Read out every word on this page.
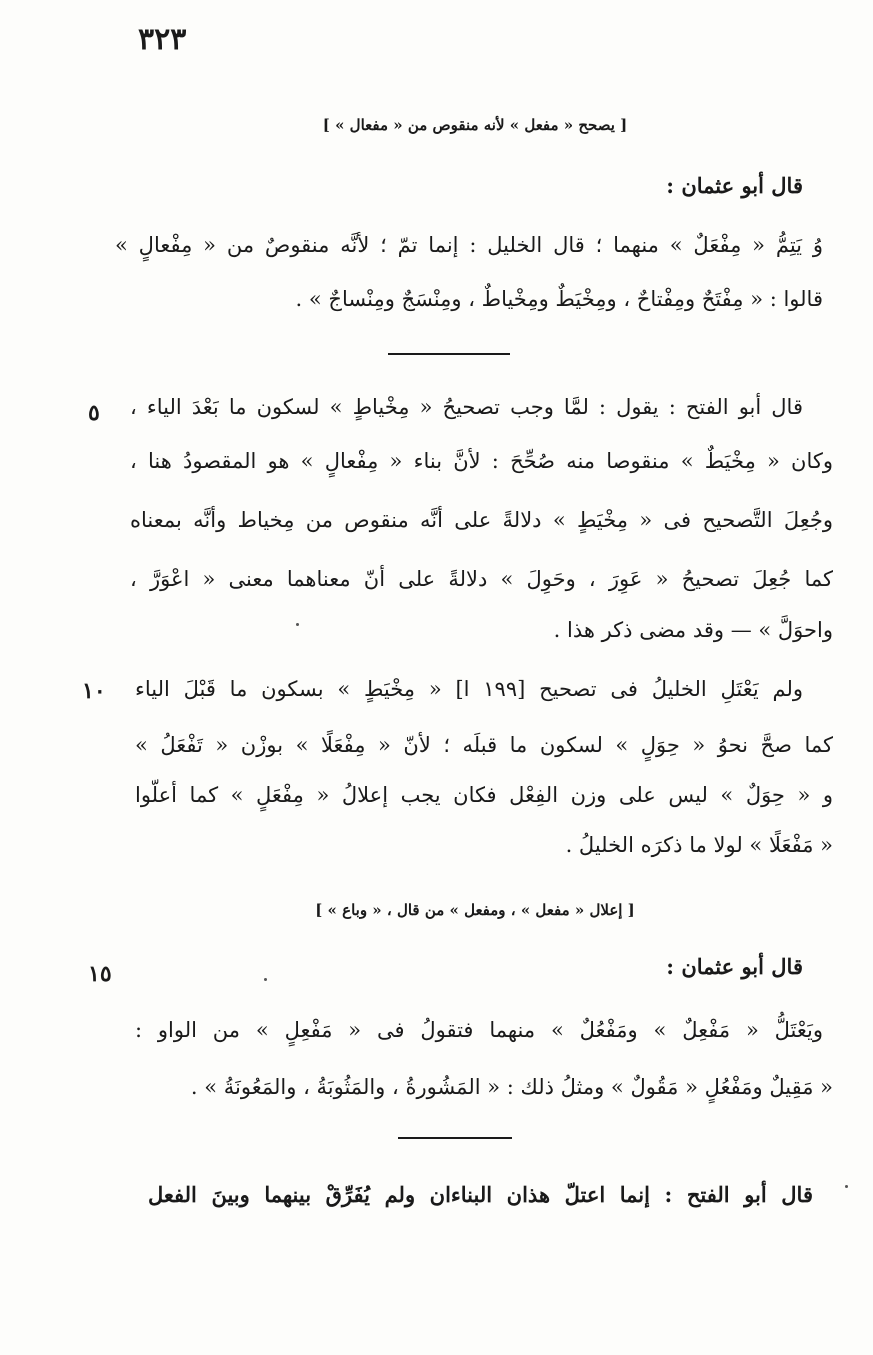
٣٢٣
[ يصحح « مفعل » لأنه منقوص من « مفعال » ]
قال أبو عثمان :
وُ يَتِمُّ « مِفْعَلٌ » منهما ؛ قال الخليل : إنما تمّ ؛ لأنَّه منقوصٌ من « مِفْعالٍ »
قالوا : « مِفْتَحٌ ومِفْتاحٌ ، ومِخْيَطٌ ومِخْياطٌ ، ومِنْسَجٌ ومِنْساجٌ » .
قال أبو الفتح : يقول : لمَّا وجب تصحيحُ « مِخْياطٍ » لسكون ما بَعْدَ الياء ،
وكان « مِخْيَطٌ » منقوصا منه صُحِّحَ : لأنَّ بناء « مِفْعالٍ » هو المقصودُ هنا ،
وجُعِلَ التَّصحيح فى « مِخْيَطٍ » دلالةً على أنَّه منقوص من مِخياط وأنَّه بمعناه
كما جُعِلَ تصحيحُ « عَوِرَ ، وحَوِلَ » دلالةً على أنّ معناهما معنى « اعْوَرَّ ،
واحوَلَّ » — وقد مضى ذكر هذا .
ولم يَعْتَلِ الخليلُ فى تصحيح [١٩٩ ا] « مِخْيَطٍ » بسكون ما قَبْلَ الياء
كما صحَّ نحوُ « حِوَلٍ » لسكون ما قبلَه ؛ لأنّ « مِفْعَلًا » بوزْن « تَفْعَلُ »
و « حِوَلٌ » ليس على وزن الفِعْل فكان يجب إعلالُ « مِفْعَلٍ » كما أعلّوا
« مَفْعَلًا » لولا ما ذكرَه الخليلُ .
[ إعلال « مفعل » ، ومفعل » من قال ، « وباع » ]
قال أبو عثمان :
ويَعْتَلُّ « مَفْعِلٌ » ومَفْعُلٌ » منهما فتقولُ فى « مَفْعِلٍ » من الواو :
« مَقِيلٌ ومَفْعُلٍ « مَقُولٌ » ومثلُ ذلك : « المَشُورةُ ، والمَثُوبَةُ ، والمَعُونَةُ » .
قال أبو الفتح : إنما اعتلّ هذان البناءان ولم يُفَرِّقْ بينهما وبينَ الفعل
٥
١٠
١٥
